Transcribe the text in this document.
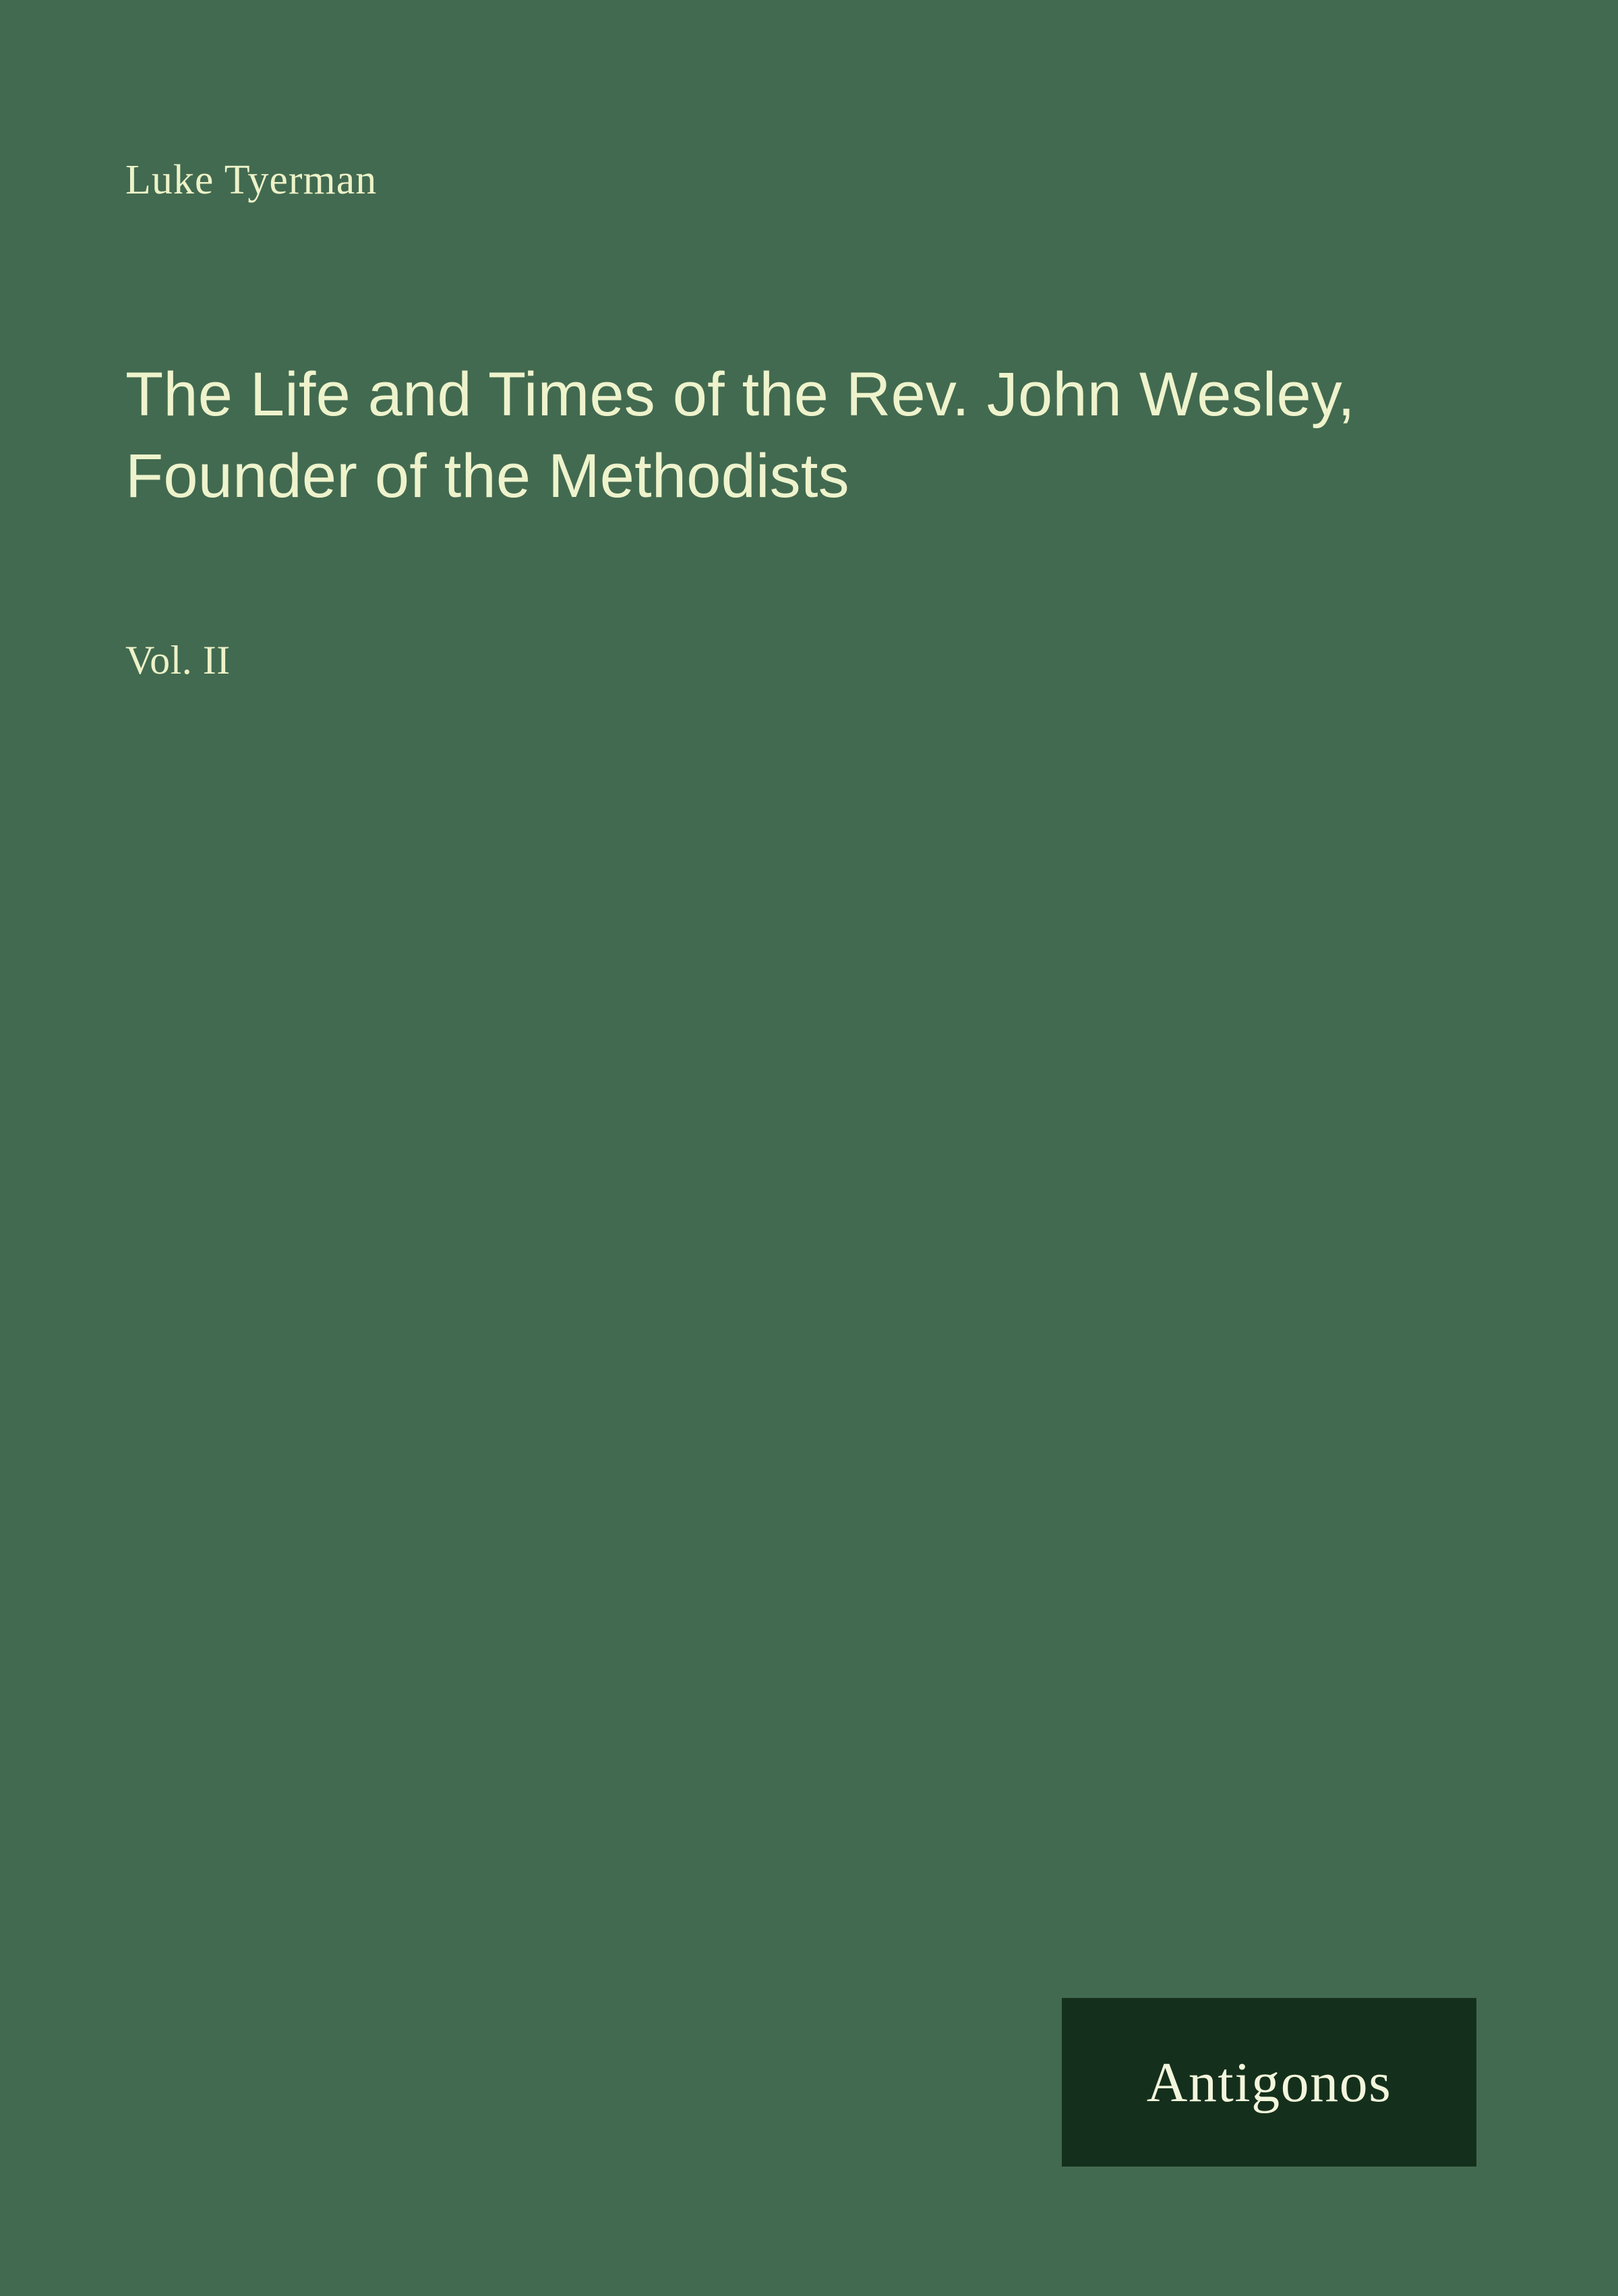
Luke Tyerman
The Life and Times of the Rev. John Wesley, Founder of the Methodists
Vol. II
Antigonos
